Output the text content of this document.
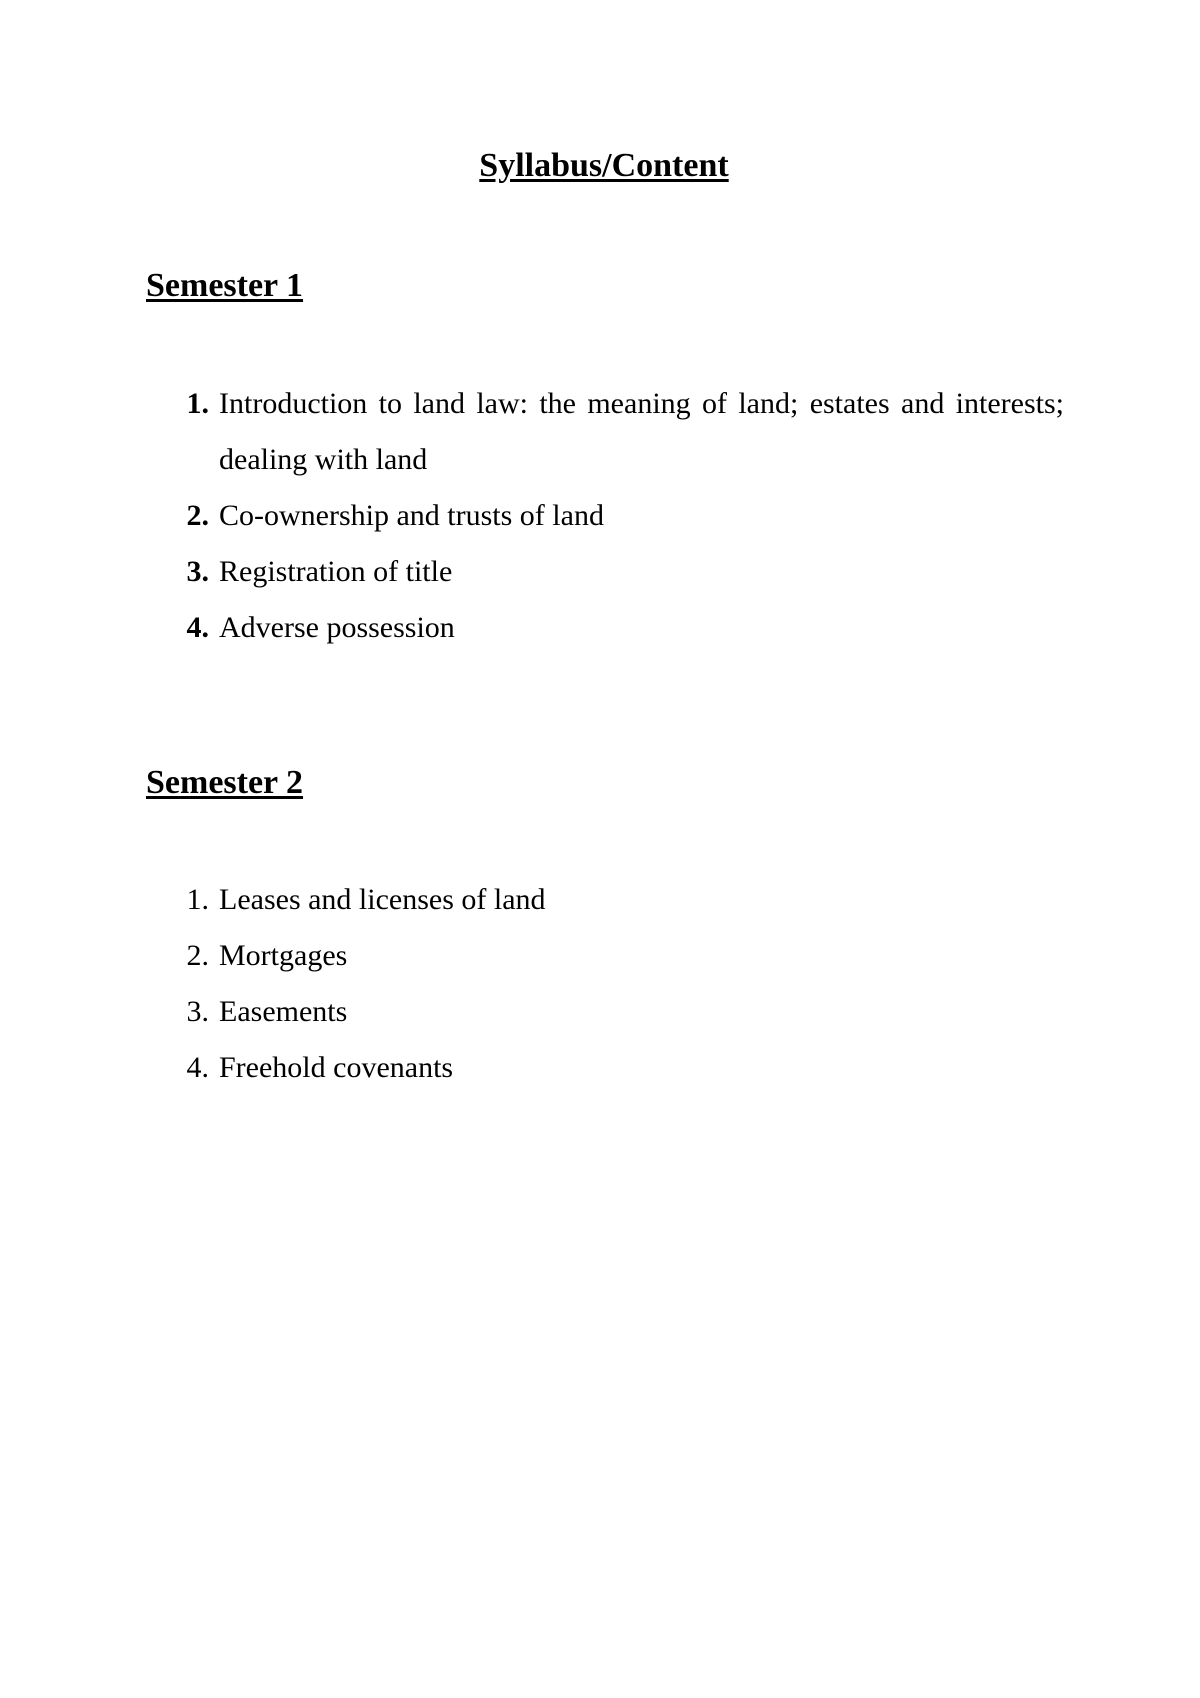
Syllabus/Content
Semester 1
1. Introduction to land law: the meaning of land; estates and interests; dealing with land
2. Co-ownership and trusts of land
3. Registration of title
4. Adverse possession
Semester 2
1. Leases and licenses of land
2. Mortgages
3. Easements
4. Freehold covenants
